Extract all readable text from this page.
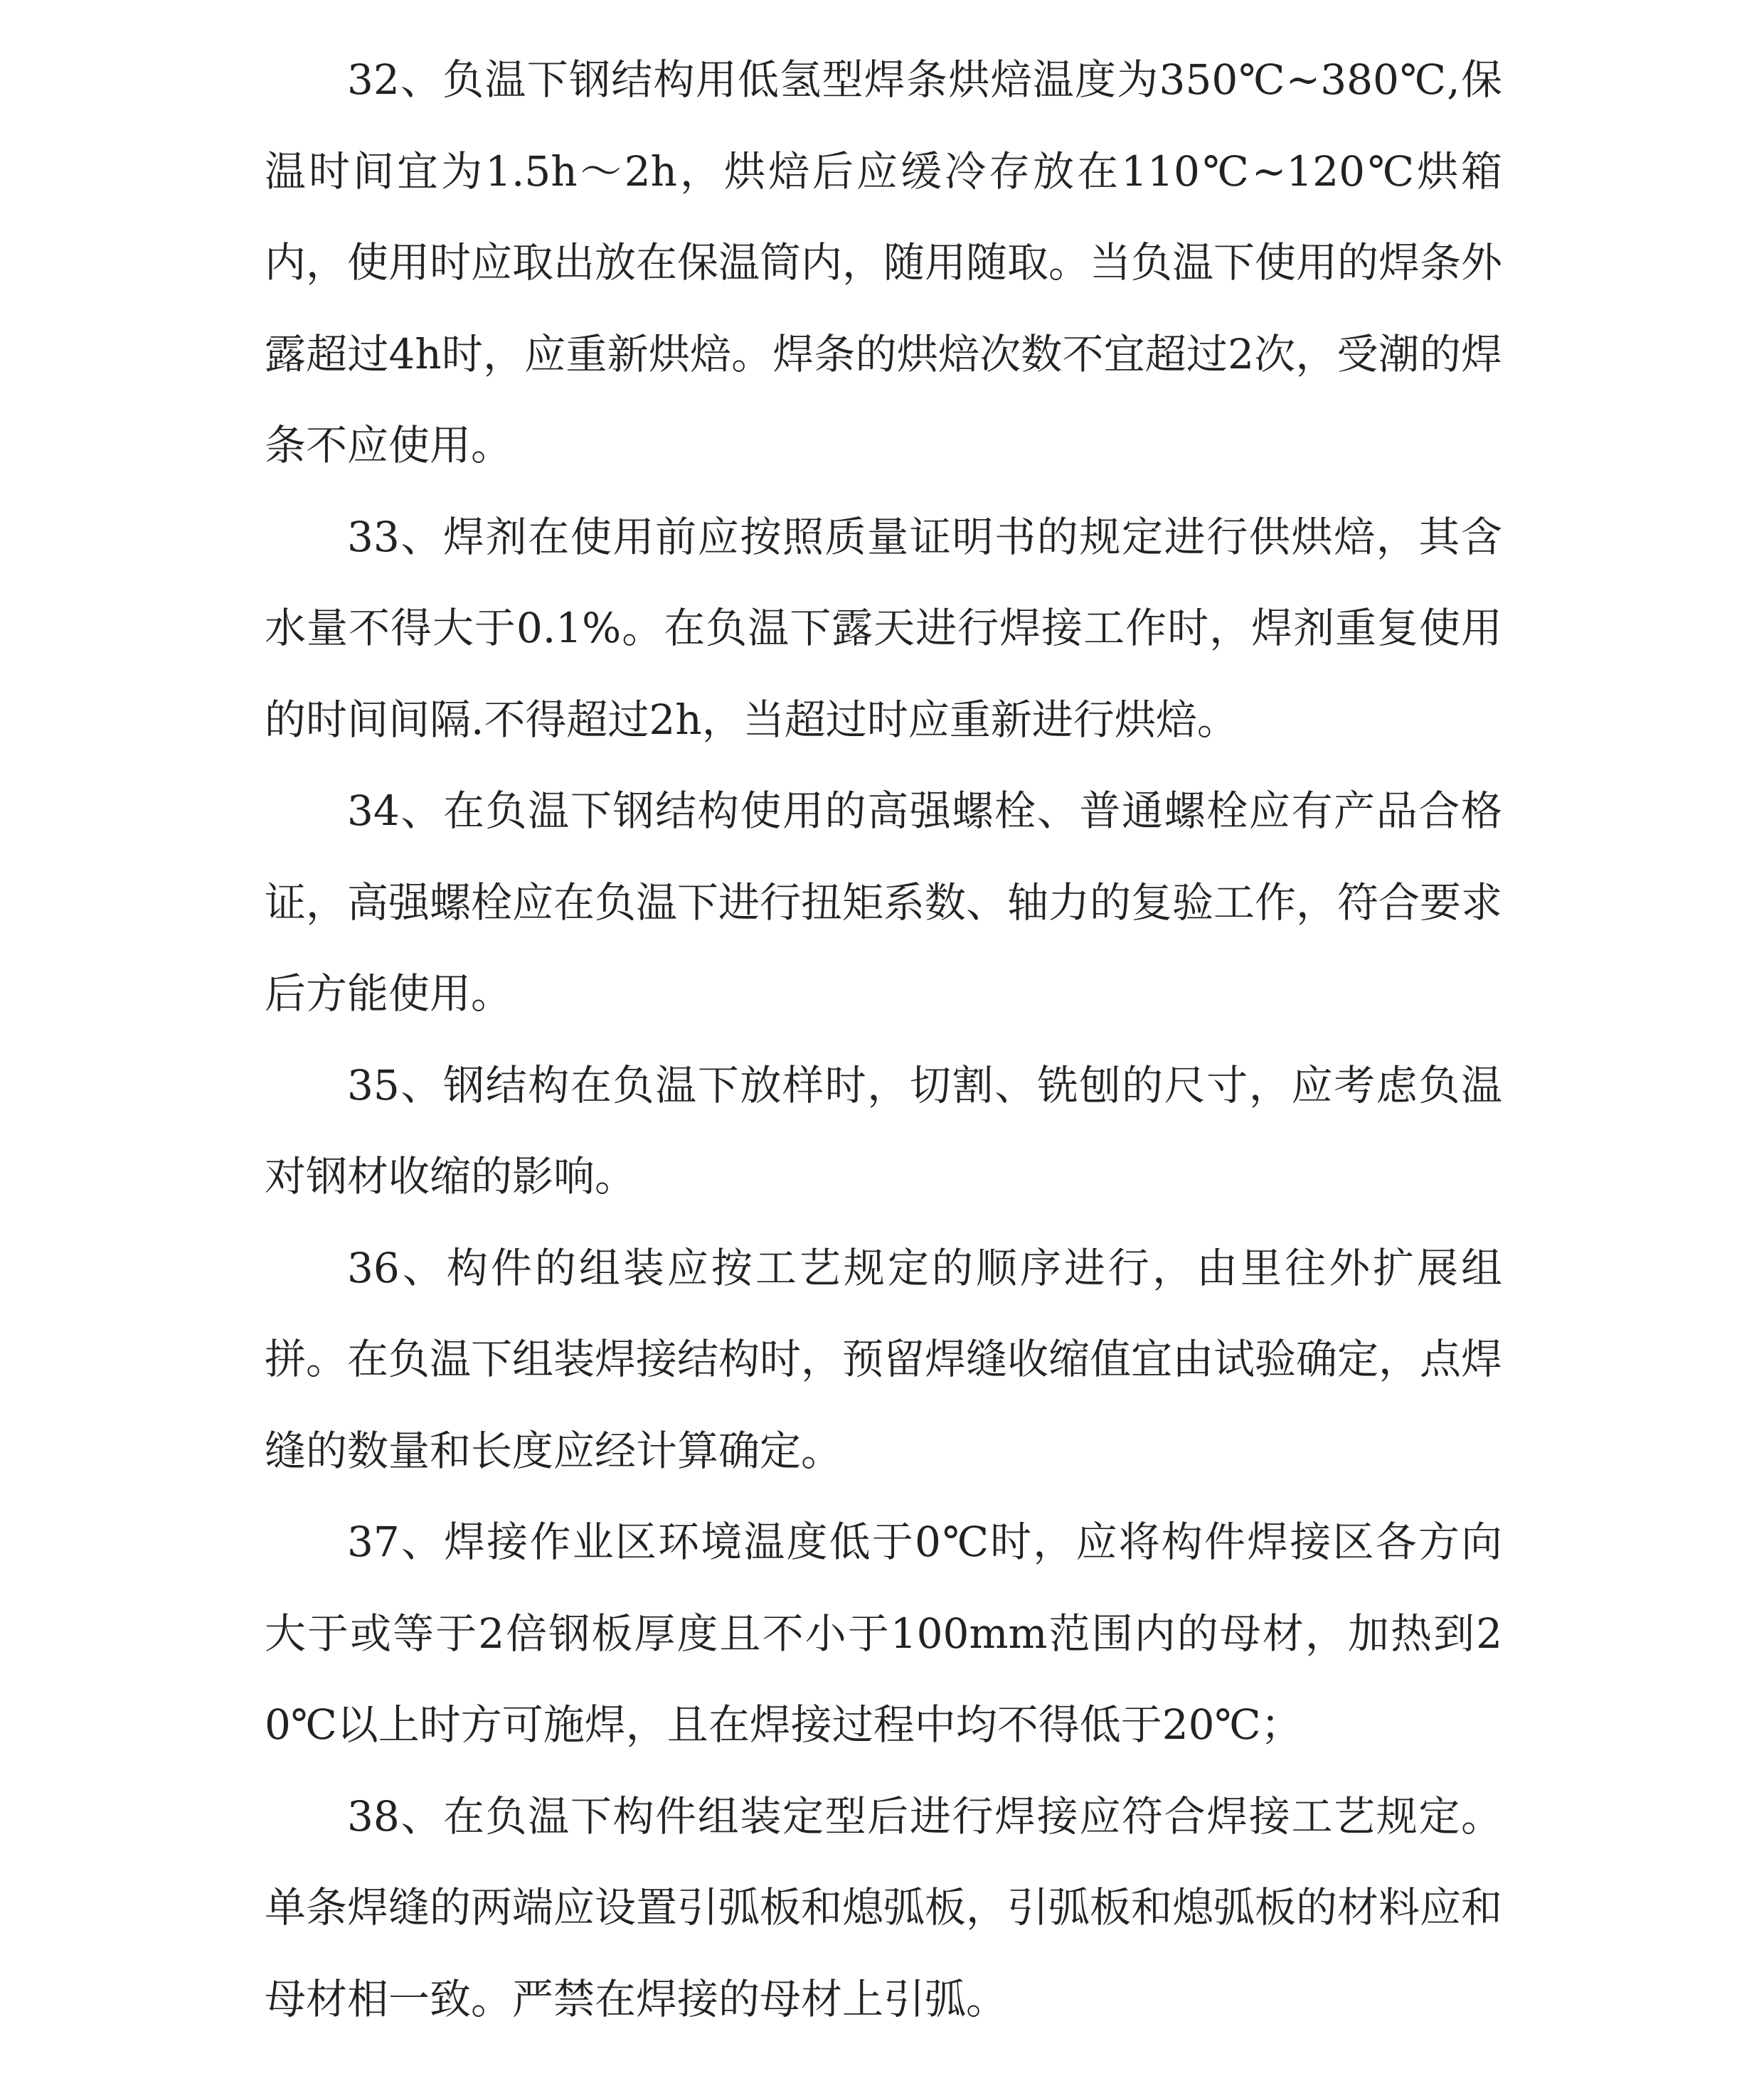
32、负温下钢结构用低氢型焊条烘焙温度为350℃~380℃,保温时间宜为1.5h～2h，烘焙后应缓冷存放在110℃~120℃烘箱内，使用时应取出放在保温筒内，随用随取。当负温下使用的焊条外露超过4h时，应重新烘焙。焊条的烘焙次数不宜超过2次，受潮的焊条不应使用。

33、焊剂在使用前应按照质量证明书的规定进行供烘焙，其含水量不得大于0.1%。在负温下露天进行焊接工作时，焊剂重复使用的时间间隔.不得超过2h，当超过时应重新进行烘焙。

34、在负温下钢结构使用的高强螺栓、普通螺栓应有产品合格证，高强螺栓应在负温下进行扭矩系数、轴力的复验工作，符合要求后方能使用。

35、钢结构在负温下放样时，切割、铣刨的尺寸，应考虑负温对钢材收缩的影响。

36、构件的组装应按工艺规定的顺序进行，由里往外扩展组拼。在负温下组装焊接结构时，预留焊缝收缩值宜由试验确定，点焊缝的数量和长度应经计算确定。

37、焊接作业区环境温度低于0℃时，应将构件焊接区各方向大于或等于2倍钢板厚度且不小于100mm范围内的母材，加热到20℃以上时方可施焊，且在焊接过程中均不得低于20℃；

38、在负温下构件组装定型后进行焊接应符合焊接工艺规定。单条焊缝的两端应设置引弧板和熄弧板，引弧板和熄弧板的材料应和母材相一致。严禁在焊接的母材上引弧。
